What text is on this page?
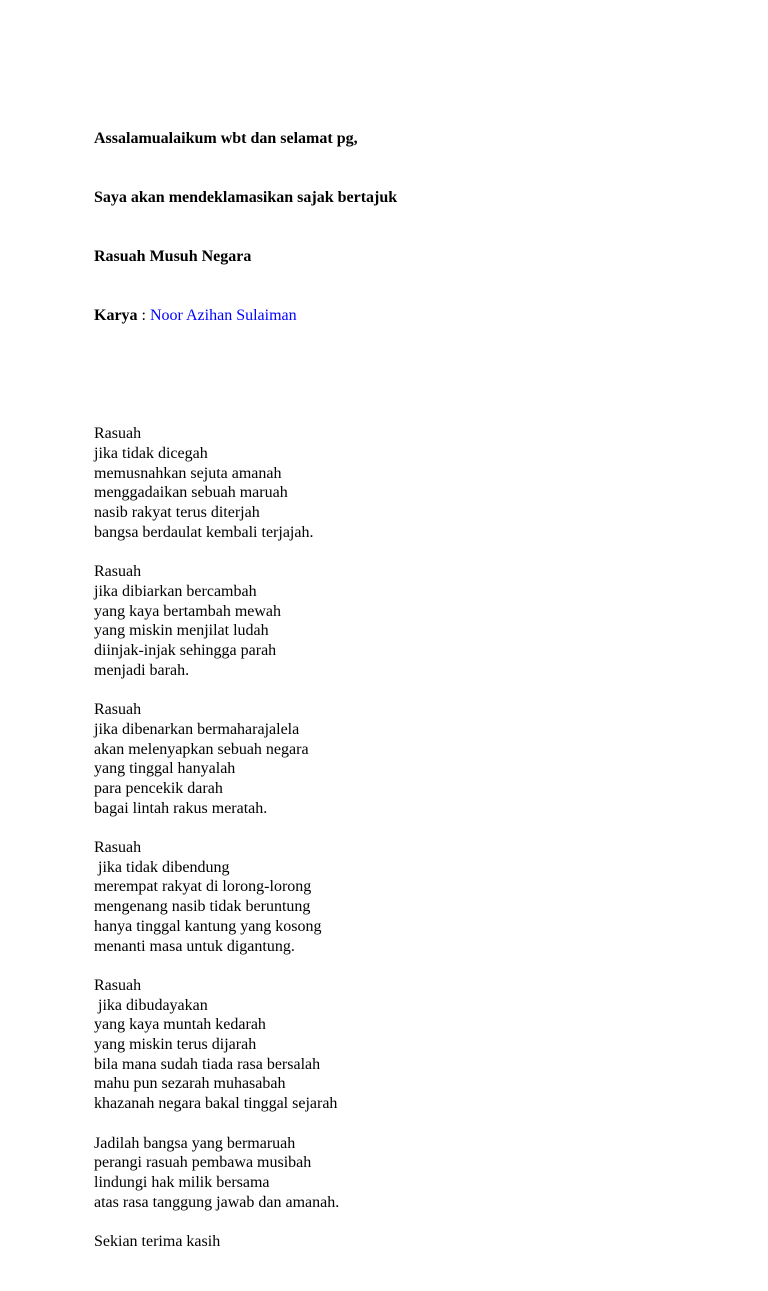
Assalamualaikum wbt dan selamat pg,

Saya akan mendeklamasikan sajak bertajuk

Rasuah Musuh Negara

Karya : Noor Azihan Sulaiman

Rasuah
jika tidak dicegah
memusnahkan sejuta amanah
menggadaikan sebuah maruah
nasib rakyat terus diterjah
bangsa berdaulat kembali terjajah.
Rasuah
jika dibiarkan bercambah
yang kaya bertambah mewah
yang miskin menjilat ludah
diinjak-injak sehingga parah
menjadi barah.
Rasuah
jika dibenarkan bermaharajalela
akan melenyapkan sebuah negara
yang tinggal hanyalah
para pencekik darah
bagai lintah rakus meratah.
Rasuah
jika tidak dibendung
merempat rakyat di lorong-lorong
mengenang nasib tidak beruntung
hanya tinggal kantung yang kosong
menanti masa untuk digantung.
Rasuah
jika dibudayakan
yang kaya muntah kedarah
yang miskin terus dijarah
bila mana sudah tiada rasa bersalah
mahu pun sezarah muhasabah
khazanah negara bakal tinggal sejarah
Jadilah bangsa yang bermaruah
perangi rasuah pembawa musibah
lindungi hak milik bersama
atas rasa tanggung jawab dan amanah.
Sekian terima kasih
